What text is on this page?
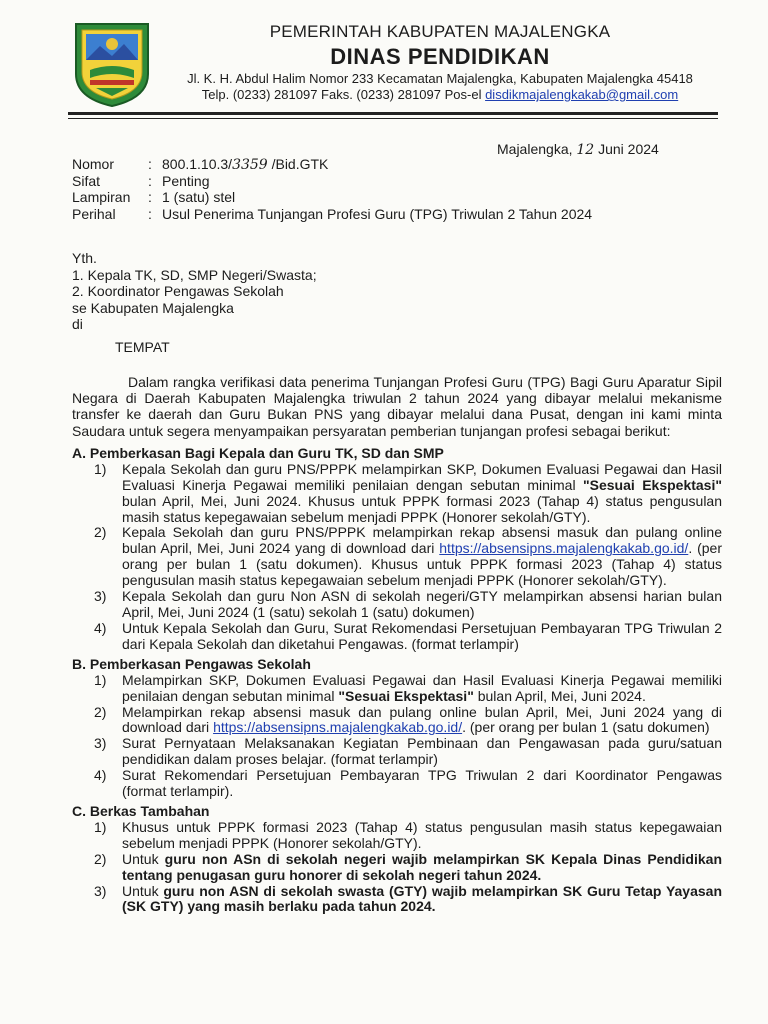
PEMERINTAH KABUPATEN MAJALENGKA
DINAS PENDIDIKAN
Jl. K. H. Abdul Halim Nomor 233 Kecamatan Majalengka, Kabupaten Majalengka 45418
Telp. (0233) 281097 Faks. (0233) 281097 Pos-el disdikmajalengkakab@gmail.com
Majalengka, 12 Juni 2024
Nomor	: 800.1.10.3/3359 /Bid.GTK
Sifat	: Penting
Lampiran	: 1 (satu) stel
Perihal	: Usul Penerima Tunjangan Profesi Guru (TPG) Triwulan 2 Tahun 2024
Yth.
1. Kepala TK, SD, SMP Negeri/Swasta;
2. Koordinator Pengawas Sekolah
se Kabupaten Majalengka
di
TEMPAT

Dalam rangka verifikasi data penerima Tunjangan Profesi Guru (TPG) Bagi Guru Aparatur Sipil Negara di Daerah Kabupaten Majalengka triwulan 2 tahun 2024 yang dibayar melalui mekanisme transfer ke daerah dan Guru Bukan PNS yang dibayar melalui dana Pusat, dengan ini kami minta Saudara untuk segera menyampaikan persyaratan pemberian tunjangan profesi sebagai berikut:

A. Pemberkasan Bagi Kepala dan Guru TK, SD dan SMP

1)	Kepala Sekolah dan guru PNS/PPPK melampirkan SKP, Dokumen Evaluasi Pegawai dan Hasil Evaluasi Kinerja Pegawai memiliki penilaian dengan sebutan minimal "Sesuai Ekspektasi" bulan April, Mei, Juni 2024. Khusus untuk PPPK formasi 2023 (Tahap 4) status pengusulan masih status kepegawaian sebelum menjadi PPPK (Honorer sekolah/GTY).
2)	Kepala Sekolah dan guru PNS/PPPK melampirkan rekap absensi masuk dan pulang online bulan April, Mei, Juni 2024 yang di download dari https://absensipns.majalengkakab.go.id/. (per orang per bulan 1 (satu dokumen). Khusus untuk PPPK formasi 2023 (Tahap 4) status pengusulan masih status kepegawaian sebelum menjadi PPPK (Honorer sekolah/GTY).
3)	Kepala Sekolah dan guru Non ASN di sekolah negeri/GTY melampirkan absensi harian bulan April, Mei, Juni 2024 (1 (satu) sekolah 1 (satu) dokumen)
4)	Untuk Kepala Sekolah dan Guru, Surat Rekomendasi Persetujuan Pembayaran TPG Triwulan 2 dari Kepala Sekolah dan diketahui Pengawas. (format terlampir)

B. Pemberkasan Pengawas Sekolah

1)	Melampirkan SKP, Dokumen Evaluasi Pegawai dan Hasil Evaluasi Kinerja Pegawai memiliki penilaian dengan sebutan minimal "Sesuai Ekspektasi" bulan April, Mei, Juni 2024.
2)	Melampirkan rekap absensi masuk dan pulang online bulan April, Mei, Juni 2024 yang di download dari https://absensipns.majalengkakab.go.id/. (per orang per bulan 1 (satu dokumen)
3)	Surat Pernyataan Melaksanakan Kegiatan Pembinaan dan Pengawasan pada guru/satuan pendidikan dalam proses belajar. (format terlampir)
4)	Surat Rekomendari Persetujuan Pembayaran TPG Triwulan 2 dari Koordinator Pengawas (format terlampir).

C. Berkas Tambahan

1)	Khusus untuk PPPK formasi 2023 (Tahap 4) status pengusulan masih status kepegawaian sebelum menjadi PPPK (Honorer sekolah/GTY).
2)	Untuk guru non ASn di sekolah negeri wajib melampirkan SK Kepala Dinas Pendidikan tentang penugasan guru honorer di sekolah negeri tahun 2024.
3)	Untuk guru non ASN di sekolah swasta (GTY) wajib melampirkan SK Guru Tetap Yayasan (SK GTY) yang masih berlaku pada tahun 2024.
